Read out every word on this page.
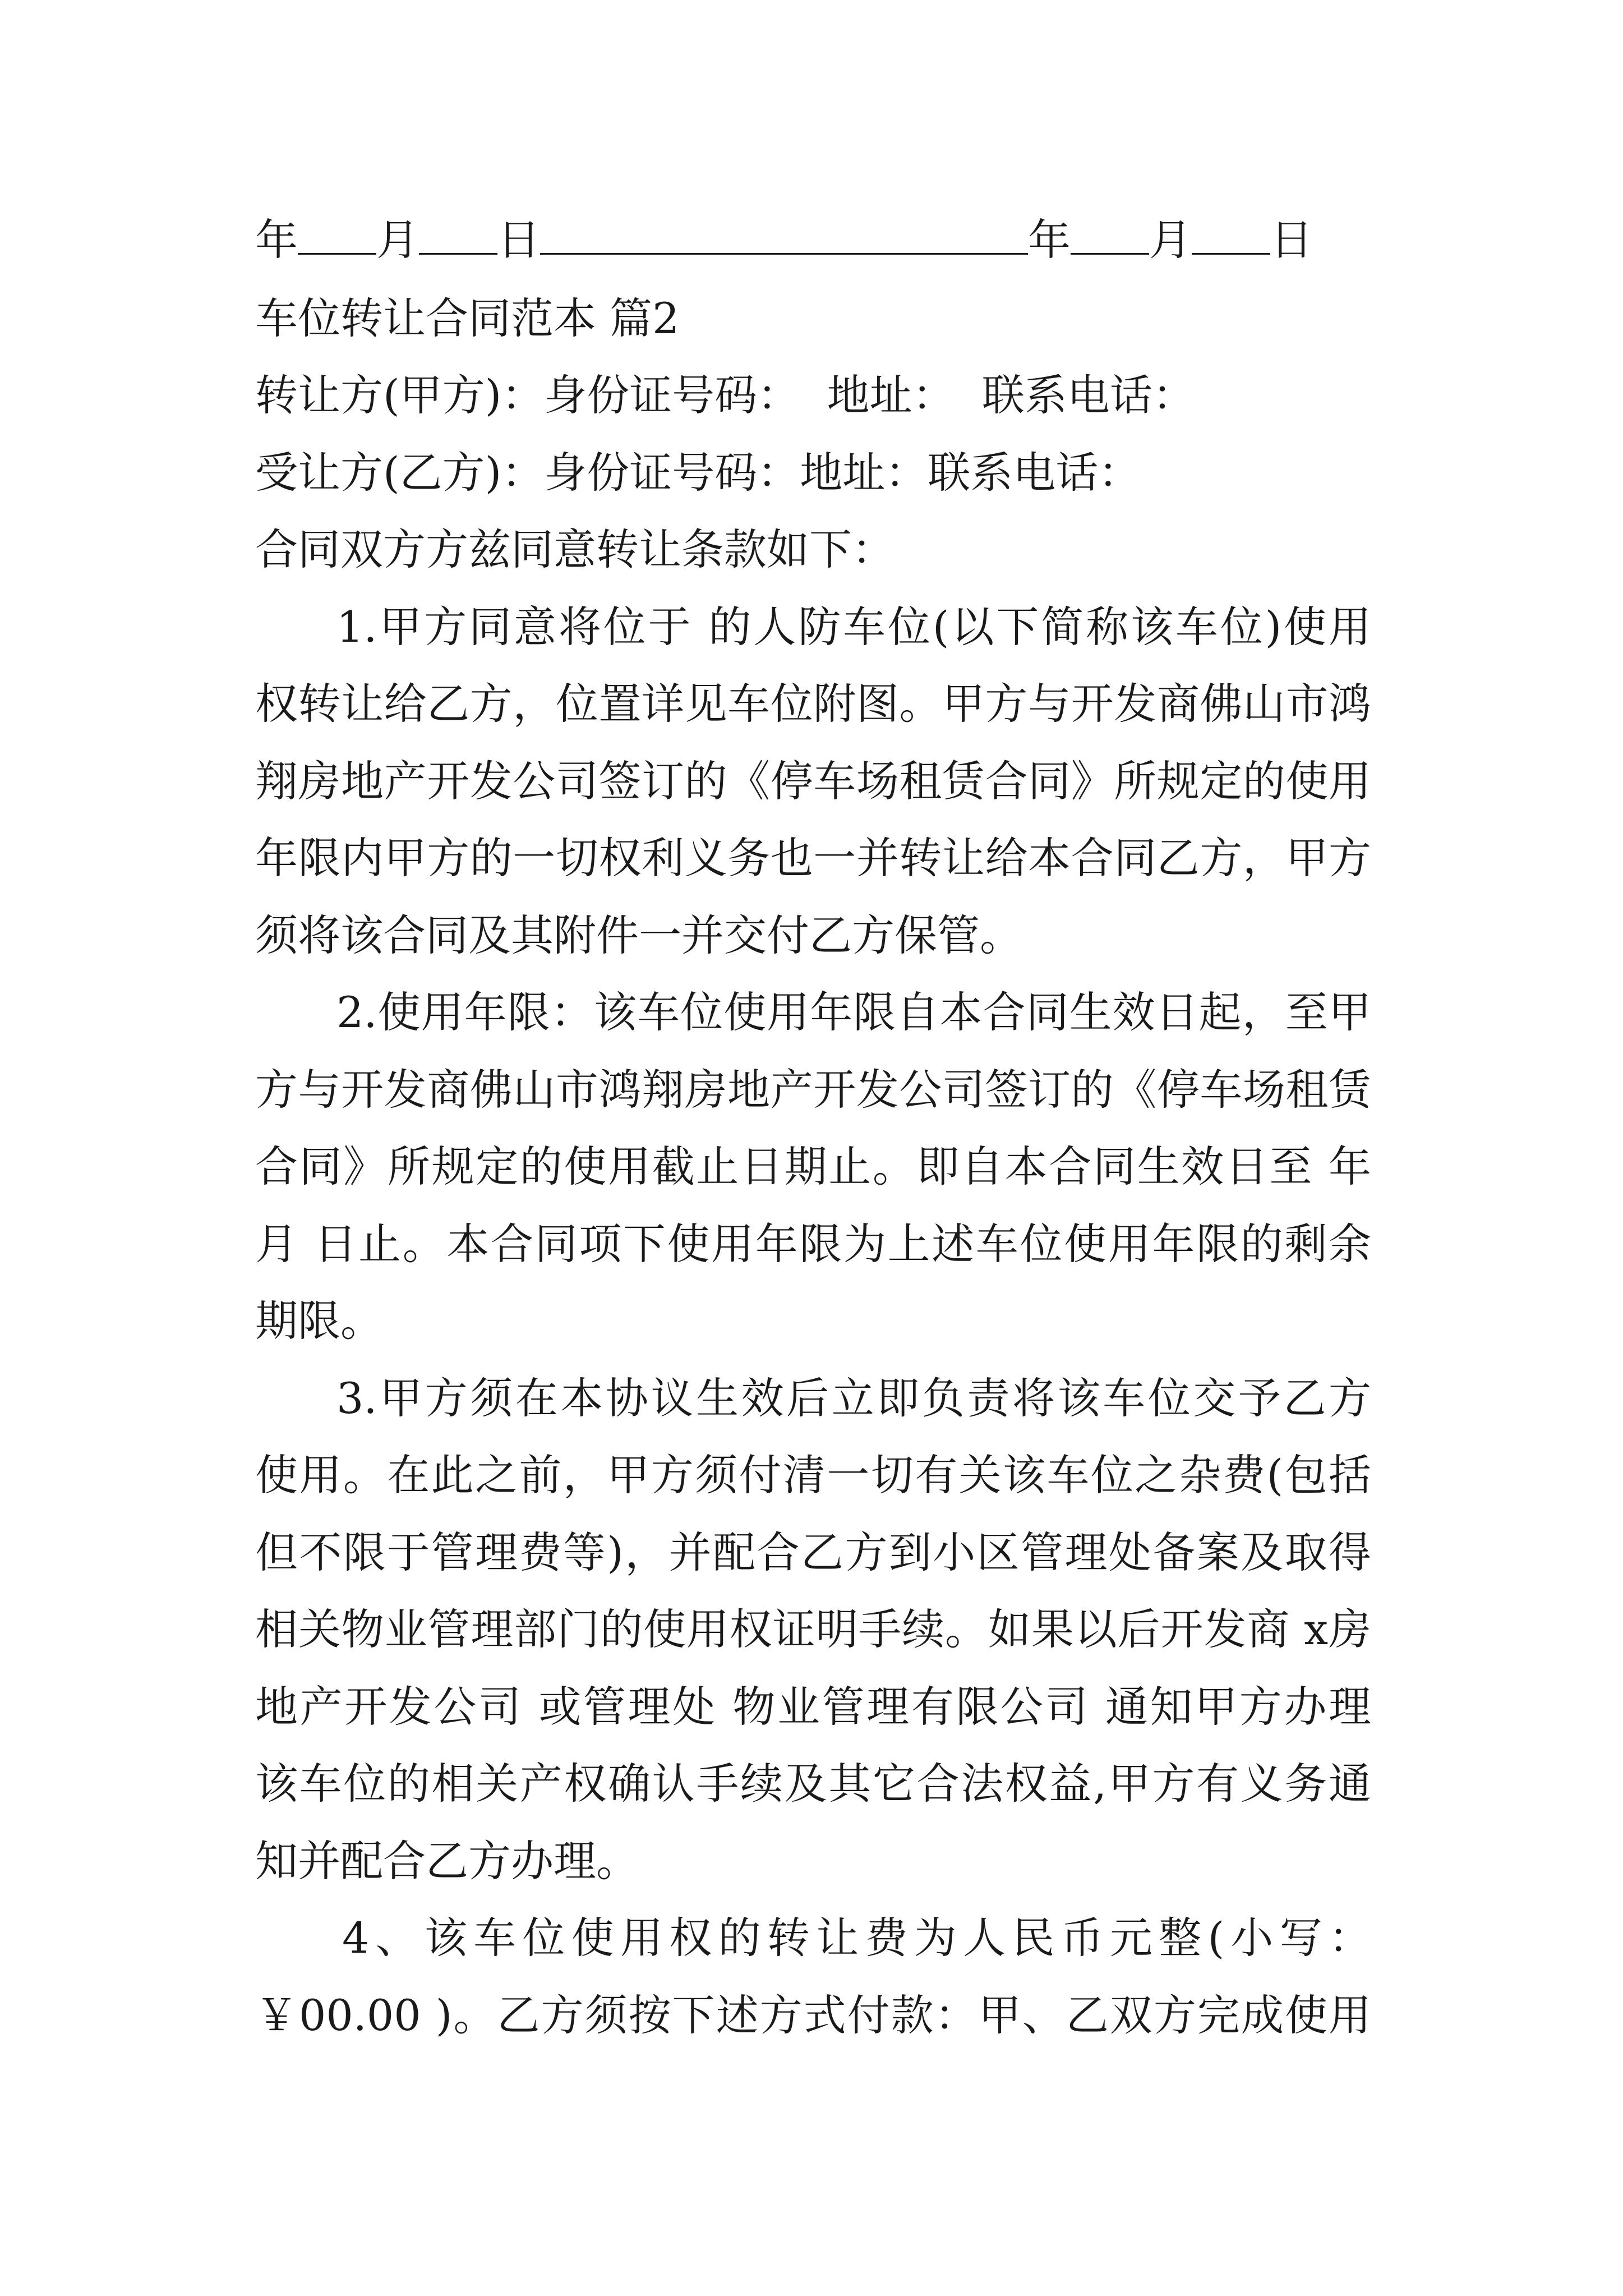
年 月 日	年 月 日
车位转让合同范本 篇2
转让方(甲方)：身份证号码：  地址：  联系电话：
受让方(乙方)：身份证号码：地址：联系电话：
合同双方方兹同意转让条款如下：
1.甲方同意将位于 的人防车位(以下简称该车位)使用
权转让给乙方，位置详见车位附图。甲方与开发商佛山市鸿
翔房地产开发公司签订的《停车场租赁合同》所规定的使用
年限内甲方的一切权利义务也一并转让给本合同乙方，甲方
须将该合同及其附件一并交付乙方保管。
2.使用年限：该车位使用年限自本合同生效日起，至甲
方与开发商佛山市鸿翔房地产开发公司签订的《停车场租赁
合同》所规定的使用截止日期止。即自本合同生效日至 年
月 日止。本合同项下使用年限为上述车位使用年限的剩余
期限。
3.甲方须在本协议生效后立即负责将该车位交予乙方
使用。在此之前，甲方须付清一切有关该车位之杂费(包括
但不限于管理费等)，并配合乙方到小区管理处备案及取得
相关物业管理部门的使用权证明手续。如果以后开发商 x房
地产开发公司 或管理处 物业管理有限公司 通知甲方办理
该车位的相关产权确认手续及其它合法权益,甲方有义务通
知并配合乙方办理。
4、该车位使用权的转让费为人民币元整(小写：
￥00.00 )。乙方须按下述方式付款：甲、乙双方完成使用
